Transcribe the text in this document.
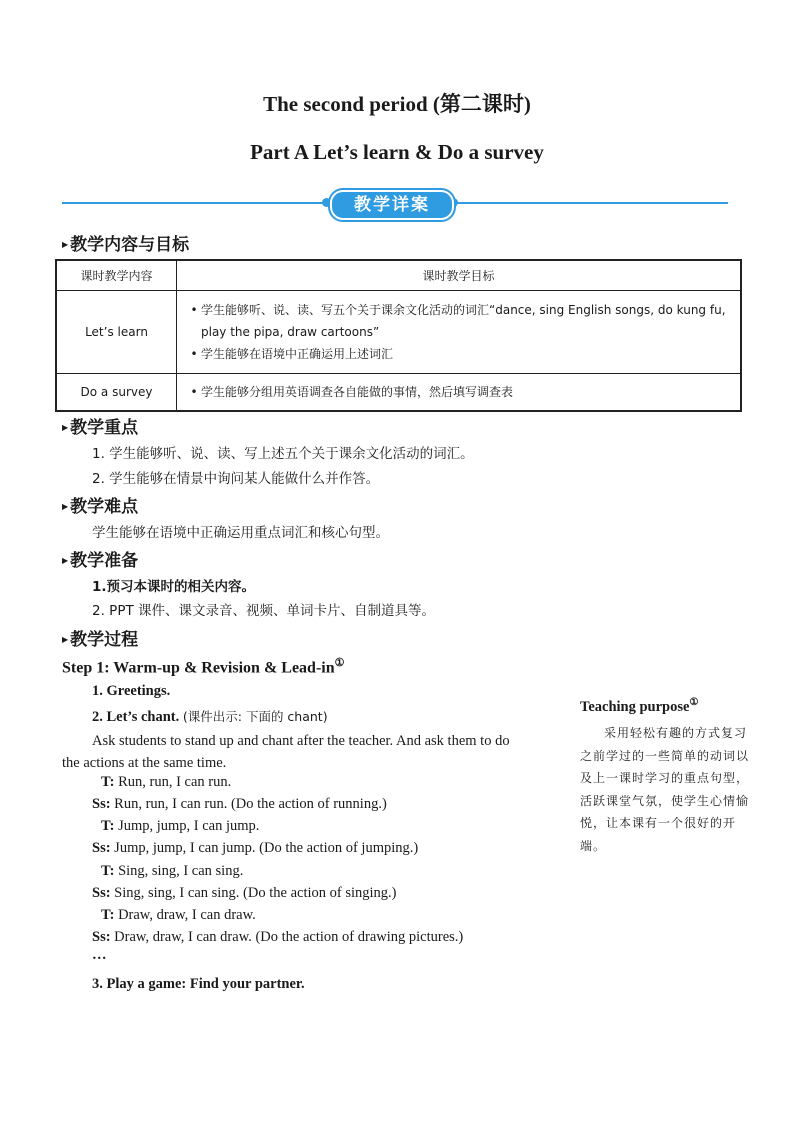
The second period (第二课时)
Part A Let’s learn & Do a survey
教学详案
▶ 教学内容与目标
课时教学内容	课时教学目标
Let’s learn	• 学生能够听、说、读、写五个关于课余文化活动的词汇“dance, sing English songs, do kung fu, play the pipa, draw cartoons”
• 学生能够在语境中正确运用上述词汇

Do a survey	• 学生能够分组用英语调查各自能做的事情，然后填写调查表
▶ 教学重点
1. 学生能够听、说、读、写上述五个关于课余文化活动的词汇。
2. 学生能够在情景中询问某人能做什么并作答。
▶ 教学难点
学生能够在语境中正确运用重点词汇和核心句型。
▶ 教学准备
1.预习本课时的相关内容。
2. PPT 课件、课文录音、视频、单词卡片、自制道具等。
▶ 教学过程
Step 1: Warm-up & Revision & Lead-in①
1. Greetings.
2. Let’s chant. (课件出示: 下面的 chant)
Ask students to stand up and chant after the teacher. And ask them to do the actions at the same time.
T: Run, run, I can run.
Ss: Run, run, I can run. (Do the action of running.)
T: Jump, jump, I can jump.
Ss: Jump, jump, I can jump. (Do the action of jumping.)
T: Sing, sing, I can sing.
Ss: Sing, sing, I can sing. (Do the action of singing.)
T: Draw, draw, I can draw.
Ss: Draw, draw, I can draw. (Do the action of drawing pictures.)
…
3. Play a game: Find your partner.
Teaching purpose①
采用轻松有趣的方式复习之前学过的一些简单的动词以及上一课时学习的重点句型，活跃课堂气氛，使学生心情愉悦，让本课有一个很好的开端。
